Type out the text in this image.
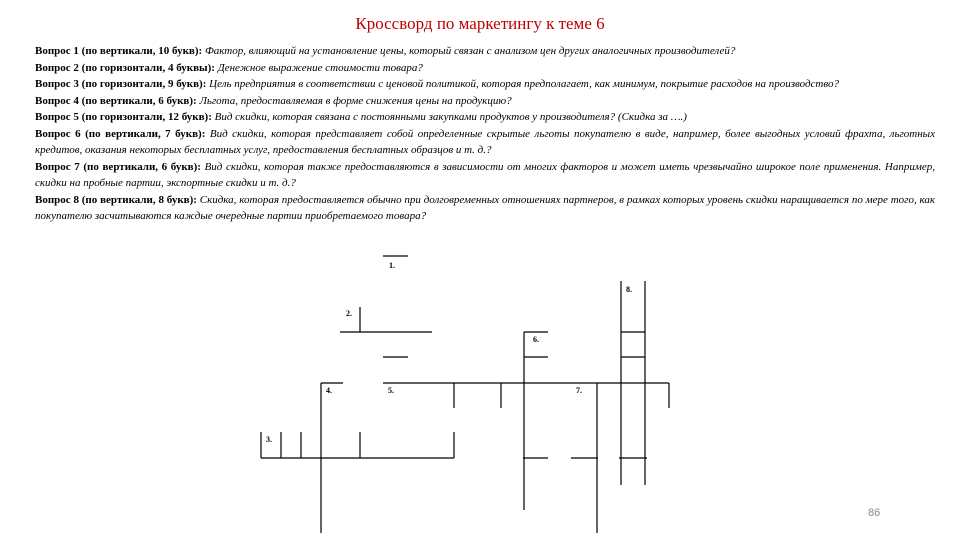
Кроссворд по маркетингу к теме 6

Вопрос 1 (по вертикали, 10 букв): Фактор, влияющий на установление цены, который связан с анализом цен других аналогичных производителей?

Вопрос 2 (по горизонтали, 4 буквы): Денежное выражение стоимости товара?

Вопрос 3 (по горизонтали, 9 букв): Цель предприятия в соответствии с ценовой политикой, которая предполагает, как минимум, покрытие расходов на производство?

Вопрос 4 (по вертикали, 6 букв): Льгота, предоставляемая в форме снижения цены на продукцию?

Вопрос 5 (по горизонтали, 12 букв): Вид скидки, которая связана с постоянными закупками продуктов у производителя? (Скидка за ….)

Вопрос 6 (по вертикали, 7 букв): Вид скидки, которая представляет собой определенные скрытые льготы покупателю в виде, например, более выгодных условий фрахта, льготных кредитов, оказания некоторых бесплатных услуг, предоставления бесплатных образцов и т. д.?

Вопрос 7 (по вертикали, 6 букв): Вид скидки, которая также предоставляются в зависимости от многих факторов и может иметь чрезвычайно широкое поле применения. Например, скидки на пробные партии, экспортные скидки и т. д.?

Вопрос 8 (по вертикали, 8 букв): Скидка, которая предоставляется обычно при долговременных отношениях партнеров, в рамках которых уровень скидки наращивается по мере того, как покупателю засчитываются каждые очередные партии приобретаемого товара?

1.
2.
3.
4.	5.
6.
7.
8.
86
